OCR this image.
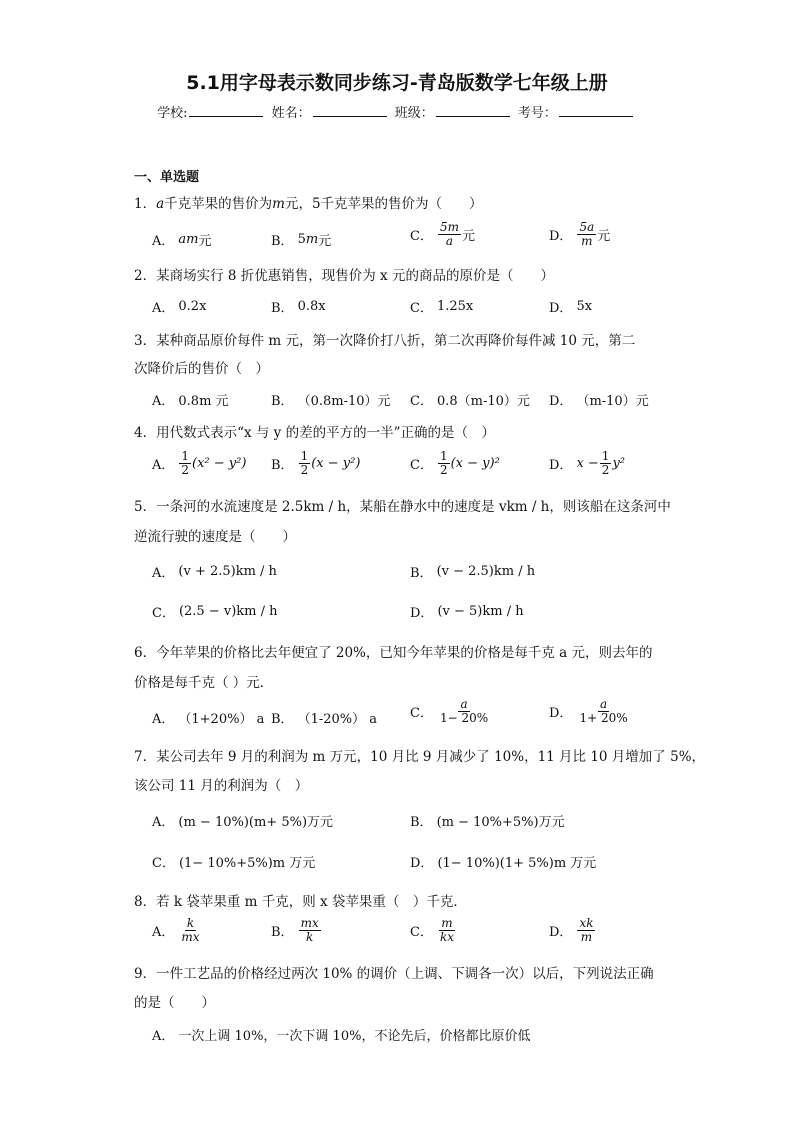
5.1用字母表示数同步练习-青岛版数学七年级上册
学校:	姓名：	班级：	考号：
一、单选题
1．a千克苹果的售价为m元，5千克苹果的售价为（　　）
A． am 元	B． 5 m 元	C． $\frac{5m}{a}$ 元	D． $\frac{5a}{m}$ 元
2．某商场实行 8 折优惠销售，现售价为 x 元的商品的原价是（　　）
A． 0.2x	B． 0.8x	C． 1.25x	D． 5x
3．某种商品原价每件 m 元，第一次降价打八折，第二次再降价每件减 10 元，第二
次降价后的售价（　）
A． 0.8m 元	B． （0.8m-10）元 C． 0.8（m-10）元 D． （m-10）元
4．用代数式表示“x 与 y 的差的平方的一半”正确的是（　）
A． $\frac{1}{2} (x^2 - y^2)$ B． $\frac{1}{2} (x - y^2)$	C． $\frac{1}{2} (x - y)^2$	D． $x - \frac{1}{2} y^2$
5．一条河的水流速度是 2.5km / h，某船在静水中的速度是 vkm / h，则该船在这条河中
逆流行驶的速度是（　　）
A． (v + 2.5)km / h	B． (v − 2.5)km / h
C． (2.5 − v)km / h	D． (v − 5)km / h
6．今年苹果的价格比去年便宜了 20%，已知今年苹果的价格是每千克 a 元，则去年的
价格是每千克（ ）元．
A． （1+20%） a B． （1-20%） a	C． $\frac{a}{1- 20\%}$	D． $\frac{a}{1+ 20\%}$
7．某公司去年 9 月的利润为 m 万元，10 月比 9 月减少了 10%，11 月比 10 月增加了 5%，
该公司 11 月的利润为（　）
A． (m − 10%)(m+ 5%)万元	B． (m − 10%+5%)万元
C． (1− 10%+5%)m 万元	D． (1− 10%)(1+ 5%)m 万元
8．若 k 袋苹果重 m 千克，则 x 袋苹果重（　）千克．
A． $\frac{k}{mx}$	B． $\frac{mx}{k}$	C． $\frac{m}{kx}$	D． $\frac{xk}{m}$
9．一件工艺品的价格经过两次 10% 的调价（上调、下调各一次）以后，下列说法正确
的是（　　）
A． 一次上调 10%，一次下调 10%，不论先后，价格都比原价低
